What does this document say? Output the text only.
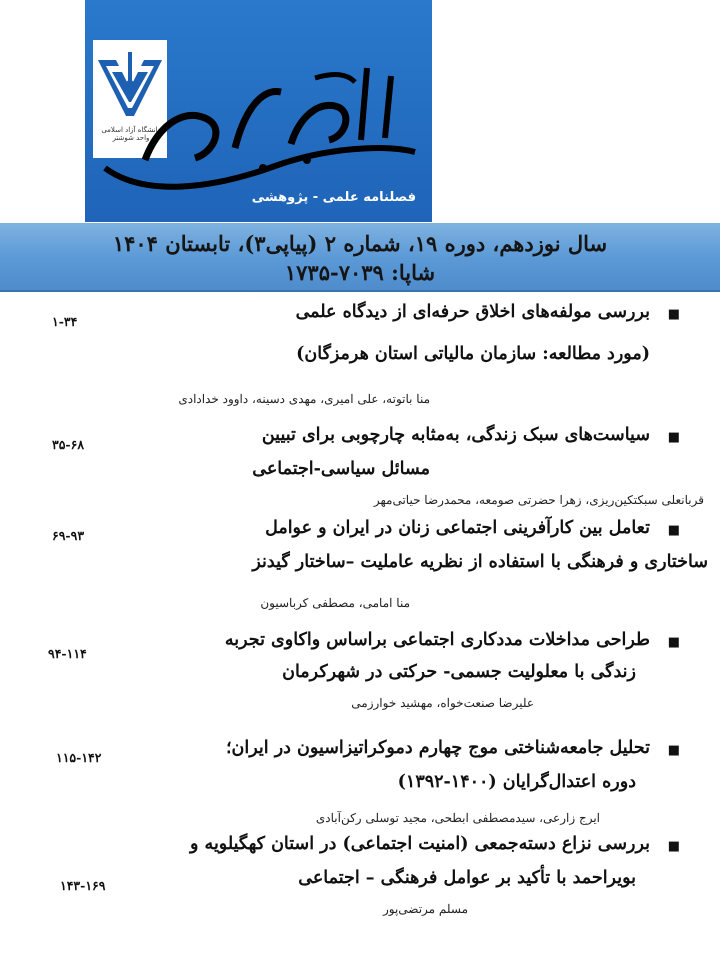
دانشگاه آزاد اسلامی واحد شوشتر
فصلنامه علمی - پژوهشی
سال نوزدهم، دوره ۱۹، شماره ۲ (پیاپی۳)، تابستان ۱۴۰۴
شاپا: ۷۰۳۹-۱۷۳۵
■
بررسی مولفه‌های اخلاق حرفه‌ای از دیدگاه علمی
(مورد مطالعه: سازمان مالیاتی استان هرمزگان)
منا باتوته، علی امیری، مهدی دسینه، داوود خدادادی
۱-۳۴
■
سیاست‌های سبک زندگی، به‌مثابه چارچوبی برای تبیین
مسائل سیاسی-اجتماعی
قربانعلی سبکتکین‌ریزی، زهرا حضرتی صومعه، محمدرضا حیاتی‌مهر
۳۵-۶۸
■
تعامل بین کارآفرینی اجتماعی زنان در ایران و عوامل
ساختاری و فرهنگی با استفاده از نظریه عاملیت –ساختار گیدنز
منا امامی، مصطفی کرباسیون
۶۹-۹۳
■
طراحی مداخلات مددکاری اجتماعی براساس واکاوی تجربه
زندگی با معلولیت جسمی- حرکتی در شهرکرمان
علیرضا صنعت‌خواه، مهشید خوارزمی
۹۴-۱۱۴
■
تحلیل جامعه‌شناختی موج چهارم دموکراتیزاسیون در ایران؛
دوره اعتدال‌گرایان (۱۴۰۰-۱۳۹۲)
ایرج زارعی، سیدمصطفی ابطحی، مجید توسلی رکن‌آبادی
۱۱۵-۱۴۲
■
بررسی نزاع دسته‌جمعی (امنیت اجتماعی) در استان کهگیلویه و
بویراحمد با تأکید بر عوامل فرهنگی – اجتماعی
مسلم مرتضی‌پور
۱۴۳-۱۶۹
